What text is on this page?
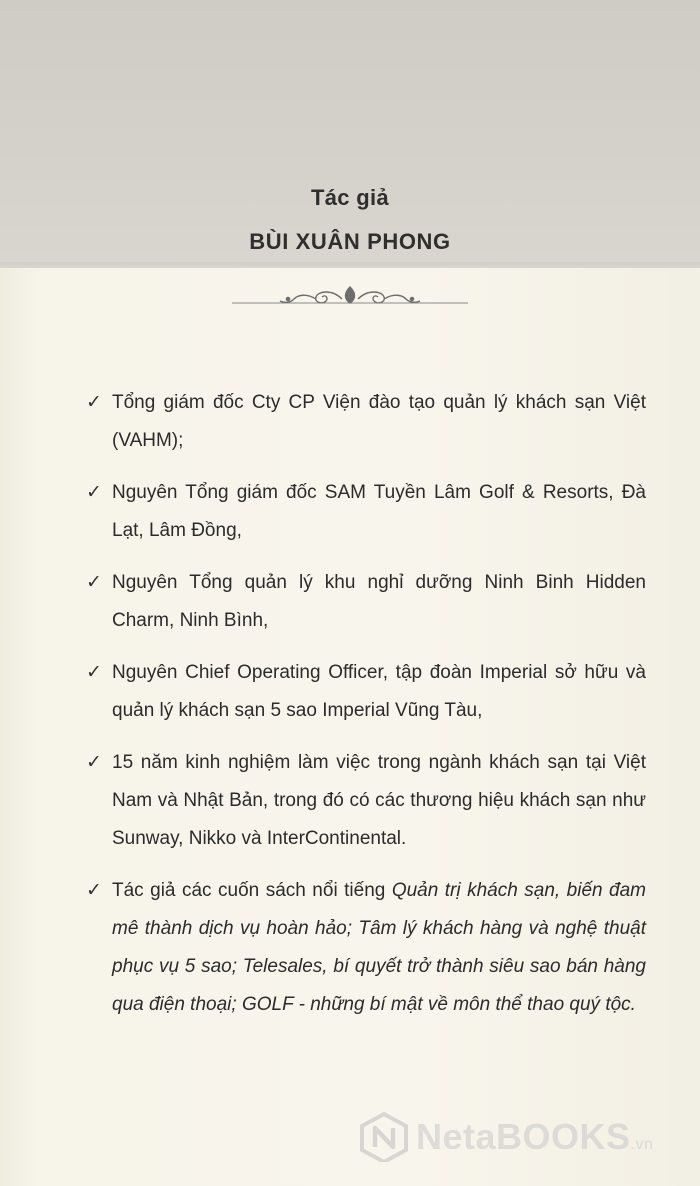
Tác giả
BÙI XUÂN PHONG
✓ Tổng giám đốc Cty CP Viện đào tạo quản lý khách sạn Việt (VAHM);
✓ Nguyên Tổng giám đốc SAM Tuyền Lâm Golf & Resorts, Đà Lạt, Lâm Đồng,
✓ Nguyên Tổng quản lý khu nghỉ dưỡng Ninh Binh Hidden Charm, Ninh Bình,
✓ Nguyên Chief Operating Officer, tập đoàn Imperial sở hữu và quản lý khách sạn 5 sao Imperial Vũng Tàu,
✓ 15 năm kinh nghiệm làm việc trong ngành khách sạn tại Việt Nam và Nhật Bản, trong đó có các thương hiệu khách sạn như Sunway, Nikko và InterContinental.
✓ Tác giả các cuốn sách nổi tiếng Quản trị khách sạn, biến đam mê thành dịch vụ hoàn hảo; Tâm lý khách hàng và nghệ thuật phục vụ 5 sao; Telesales, bí quyết trở thành siêu sao bán hàng qua điện thoại; GOLF - những bí mật về môn thể thao quý tộc.
NetaBOOKS.vn
